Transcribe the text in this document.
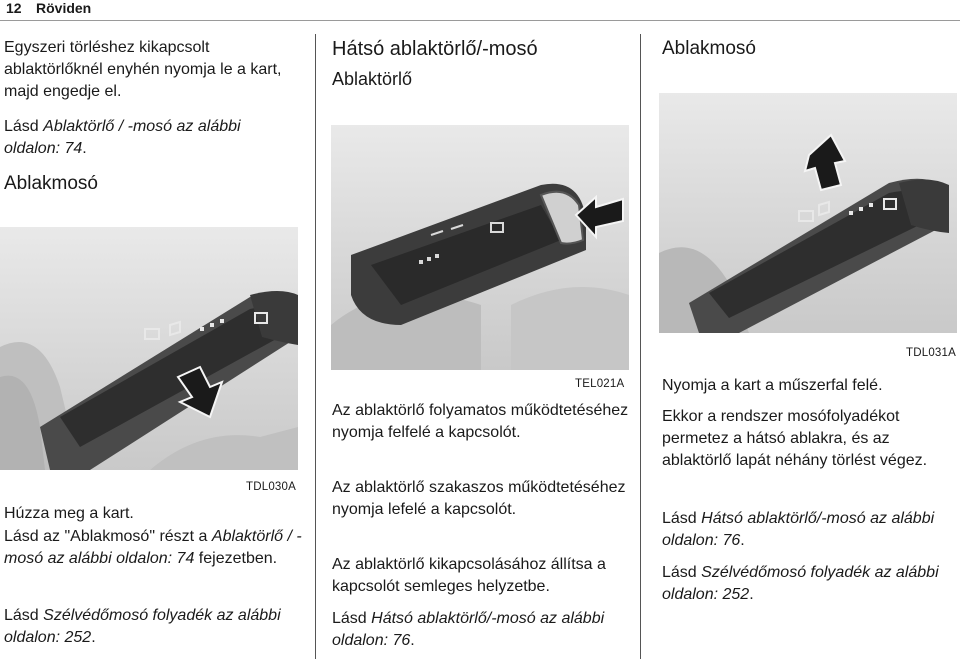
12 Röviden
Egyszeri törléshez kikapcsolt ablaktörlőknél enyhén nyomja le a kart, majd engedje el.
Lásd Ablaktörlő / -mosó az alábbi oldalon: 74.
Ablakmosó
TDL030A
Húzza meg a kart.
Lásd az "Ablakmosó" részt a Ablaktörlő / -mosó az alábbi oldalon: 74 fejezetben.
Lásd Szélvédőmosó folyadék az alábbi oldalon: 252.
Hátsó ablaktörlő/-mosó
Ablaktörlő
TEL021A
Az ablaktörlő folyamatos működtetéséhez nyomja felfelé a kapcsolót.
Az ablaktörlő szakaszos működtetéséhez nyomja lefelé a kapcsolót.
Az ablaktörlő kikapcsolásához állítsa a kapcsolót semleges helyzetbe.
Lásd Hátsó ablaktörlő/-mosó az alábbi oldalon: 76.
Ablakmosó
TDL031A
Nyomja a kart a műszerfal felé.
Ekkor a rendszer mosófolyadékot permetez a hátsó ablakra, és az ablaktörlő lapát néhány törlést végez.
Lásd Hátsó ablaktörlő/-mosó az alábbi oldalon: 76.
Lásd Szélvédőmosó folyadék az alábbi oldalon: 252.
